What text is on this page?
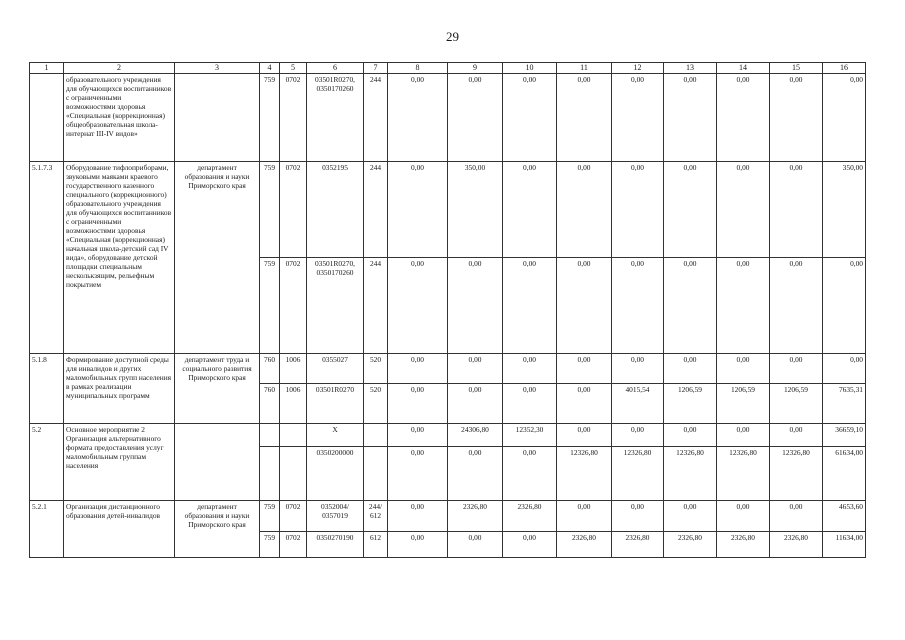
29
1	2	3	4	5	6	7	8	9	10	11	12	13	14	15	16
	образовательного учреждения для обучающихся воспитанников с ограниченными возможностями здоровья «Специальная (коррекционная) общеобразовательная школа-интернат III-IV видов»		759	0702	03501R0270, 0350170260	244	0,00	0,00	0,00	0,00	0,00	0,00	0,00	0,00	0,00
5.1.7.3	Оборудование тифлоприборами, звуковыми маяками краевого государственного казенного специального (коррекционного) образовательного учреждения для обучающихся воспитанников с ограниченными возможностями здоровья «Специальная (коррекционная) начальная школа-детский сад IV вида», оборудование детской площадки специальным несколькзящим, рельефным покрытием	департамент образования и науки Приморского края	759	0702	0352195	244	0,00	350,00	0,00	0,00	0,00	0,00	0,00	0,00	350,00
			759	0702	03501R0270, 0350170260	244	0,00	0,00	0,00	0,00	0,00	0,00	0,00	0,00	0,00
5.1.8	Формирование доступной среды для инвалидов и других маломобильных групп населения в рамках реализации муниципальных программ	департамент труда и социального развития Приморского края	760	1006	0355027	520	0,00	0,00	0,00	0,00	0,00	0,00	0,00	0,00	0,00
			760	1006	03501R0270	520	0,00	0,00	0,00	0,00	4015,54	1206,59	1206,59	1206,59	7635,31
5.2	Основное мероприятие 2 Организация альтернативного формата предоставления услуг маломобильным группам населения				X		0,00	24306,80	12352,30	0,00	0,00	0,00	0,00	0,00	36659,10
					0350200000		0,00	0,00	0,00	12326,80	12326,80	12326,80	12326,80	12326,80	61634,00
5.2.1	Организация дистанционного образования детей-инвалидов	департамент образования и науки Приморского края	759	0702	0352004/ 0357019	244/ 612	0,00	2326,80	2326,80	0,00	0,00	0,00	0,00	0,00	4653,60
			759	0702	0350270190	612	0,00	0,00	0,00	2326,80	2326,80	2326,80	2326,80	2326,80	11634,00
